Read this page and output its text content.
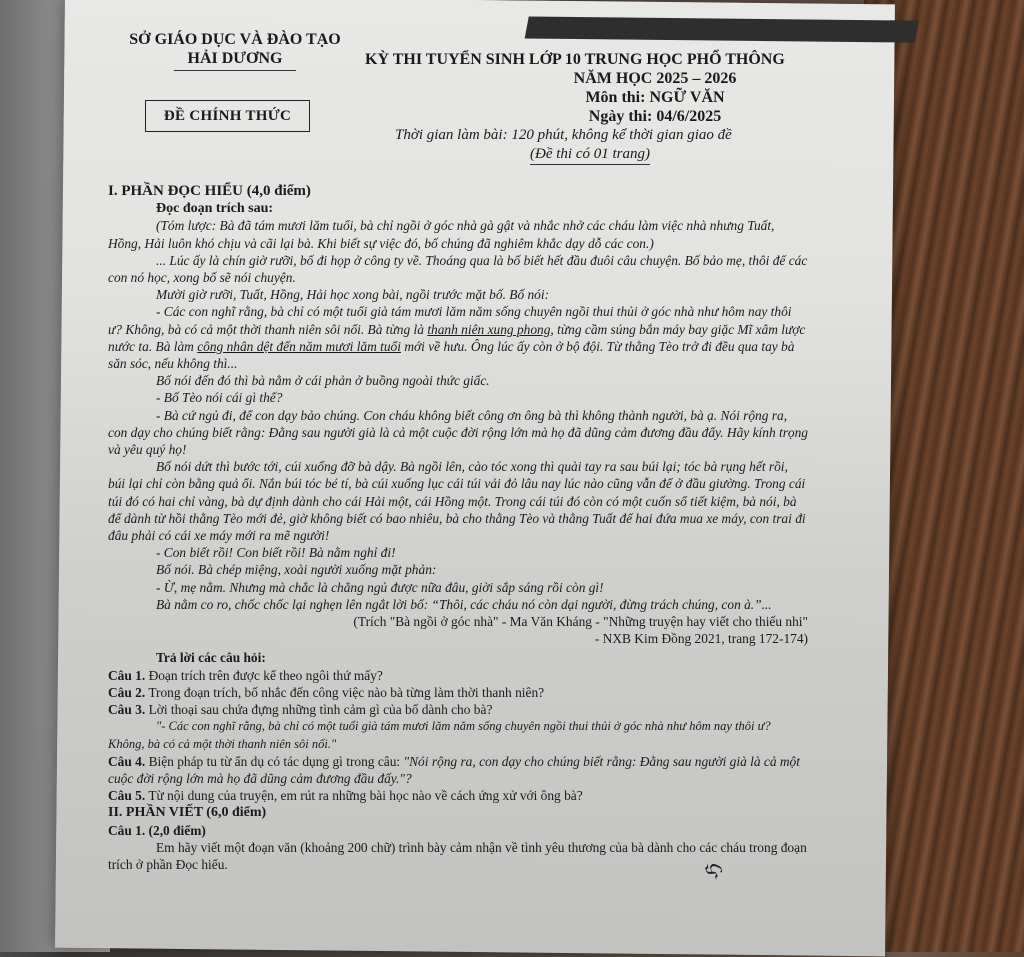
SỞ GIÁO DỤC VÀ ĐÀO TẠO
HẢI DƯƠNG
ĐỀ CHÍNH THỨC
KỲ THI TUYỂN SINH LỚP 10 TRUNG HỌC PHỔ THÔNG
NĂM HỌC 2025 – 2026
Môn thi: NGỮ VĂN
Ngày thi: 04/6/2025
Thời gian làm bài: 120 phút, không kể thời gian giao đề
(Đề thi có 01 trang)

I. PHẦN ĐỌC HIỂU (4,0 điểm)

Đọc đoạn trích sau:

(Tóm lược: Bà đã tám mươi lăm tuổi, bà chỉ ngồi ở góc nhà gà gật và nhắc nhở các cháu làm việc nhà nhưng Tuất, Hồng, Hải luôn khó chịu và cãi lại bà. Khi biết sự việc đó, bố chúng đã nghiêm khắc dạy dỗ các con.)

... Lúc ấy là chín giờ rưỡi, bố đi họp ở công ty về. Thoáng qua là bố biết hết đầu đuôi câu chuyện. Bố bảo mẹ, thôi để các con nó học, xong bố sẽ nói chuyện.

Mười giờ rưỡi, Tuất, Hồng, Hải học xong bài, ngồi trước mặt bố. Bố nói:

- Các con nghĩ rằng, bà chỉ có một tuổi già tám mươi lăm năm sống chuyên ngồi thui thủi ở góc nhà như hôm nay thôi ư? Không, bà có cả một thời thanh niên sôi nổi. Bà từng là thanh niên xung phong, từng cầm súng bắn máy bay giặc Mĩ xâm lược nước ta. Bà làm công nhân dệt đến năm mươi lăm tuổi mới về hưu. Ông lúc ấy còn ở bộ đội. Từ thằng Tèo trở đi đều qua tay bà săn sóc, nếu không thì...

Bố nói đến đó thì bà nằm ở cái phản ở buồng ngoài thức giấc.

- Bố Tèo nói cái gì thế?

- Bà cứ ngủ đi, để con dạy bảo chúng. Con cháu không biết công ơn ông bà thì không thành người, bà ạ. Nói rộng ra, con dạy cho chúng biết rằng: Đằng sau người già là cả một cuộc đời rộng lớn mà họ đã dũng cảm đương đầu đấy. Hãy kính trọng và yêu quý họ!

Bố nói dứt thì bước tới, cúi xuống đỡ bà dậy. Bà ngồi lên, cào tóc xong thì quài tay ra sau búi lại; tóc bà rụng hết rồi, búi lại chỉ còn bằng quả ổi. Nắn búi tóc bé tí, bà cúi xuống lục cái túi vải đỏ lâu nay lúc nào cũng vẫn để ở đầu giường. Trong cái túi đó có hai chỉ vàng, bà dự định dành cho cái Hải một, cái Hồng một. Trong cái túi đó còn có một cuốn sổ tiết kiệm, bà nói, bà để dành từ hồi thằng Tèo mới đẻ, giờ không biết có bao nhiêu, bà cho thằng Tèo và thằng Tuất để hai đứa mua xe máy, con trai đi đâu phải có cái xe máy mới ra mẽ người!

- Con biết rồi! Con biết rồi! Bà nằm nghỉ đi!

Bố nói. Bà chép miệng, xoài người xuống mặt phản:

- Ừ, mẹ nằm. Nhưng mà chắc là chẳng ngủ được nữa đâu, giời sắp sáng rồi còn gì!

Bà nằm co ro, chốc chốc lại nghẹn lên ngắt lời bố: “Thôi, các cháu nó còn dại người, đừng trách chúng, con à.”...

(Trích "Bà ngồi ở góc nhà" - Ma Văn Kháng - "Những truyện hay viết cho thiếu nhi"

- NXB Kim Đồng 2021, trang 172-174)

Trả lời các câu hỏi:

Câu 1. Đoạn trích trên được kể theo ngôi thứ mấy?

Câu 2. Trong đoạn trích, bố nhắc đến công việc nào bà từng làm thời thanh niên?

Câu 3. Lời thoại sau chứa đựng những tình cảm gì của bố dành cho bà?

"- Các con nghĩ rằng, bà chỉ có một tuổi già tám mươi lăm năm sống chuyên ngồi thui thủi ở góc nhà như hôm nay thôi ư? Không, bà có cả một thời thanh niên sôi nổi."

Câu 4. Biện pháp tu từ ẩn dụ có tác dụng gì trong câu: "Nói rộng ra, con dạy cho chúng biết rằng: Đằng sau người già là cả một cuộc đời rộng lớn mà họ đã dũng cảm đương đầu đấy."?

Câu 5. Từ nội dung của truyện, em rút ra những bài học nào về cách ứng xử với ông bà?

II. PHẦN VIẾT (6,0 điểm)

Câu 1. (2,0 điểm)

Em hãy viết một đoạn văn (khoảng 200 chữ) trình bày cảm nhận về tình yêu thương của bà dành cho các cháu trong đoạn trích ở phần Đọc hiểu.	ℌ
